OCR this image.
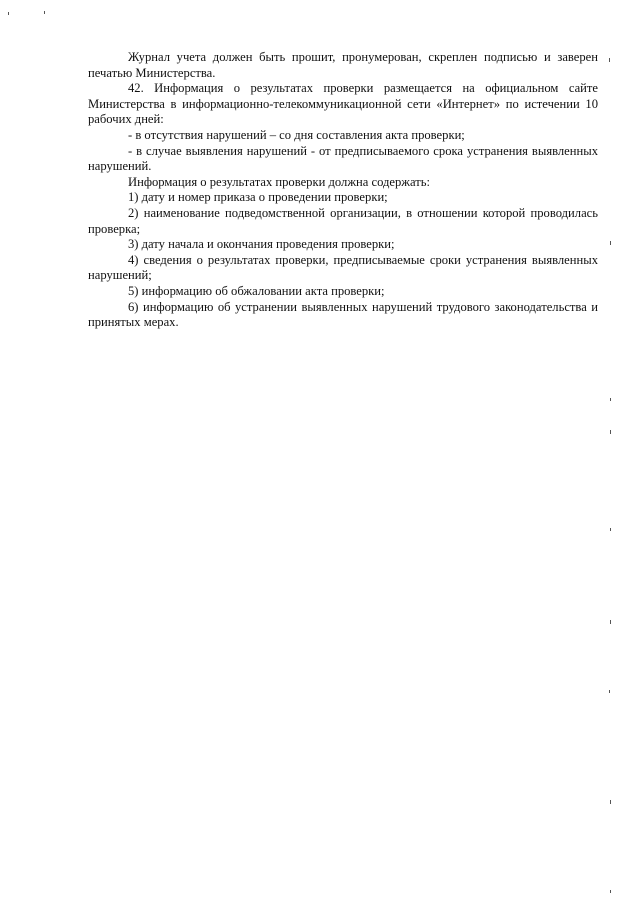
Журнал учета должен быть прошит, пронумерован, скреплен подписью и заверен печатью Министерства.

42. Информация о результатах проверки размещается на официальном сайте Министерства в информационно-телекоммуникационной сети «Интернет» по истечении 10 рабочих дней:

- в отсутствия нарушений – со дня составления акта проверки;

- в случае выявления нарушений - от предписываемого срока устранения выявленных нарушений.

Информация о результатах проверки должна содержать:

1) дату и номер приказа о проведении проверки;

2) наименование подведомственной организации, в отношении которой проводилась проверка;

3) дату начала и окончания проведения проверки;

4) сведения о результатах проверки, предписываемые сроки устранения выявленных нарушений;

5) информацию об обжаловании акта проверки;

6) информацию об устранении выявленных нарушений трудового законодательства и принятых мерах.
